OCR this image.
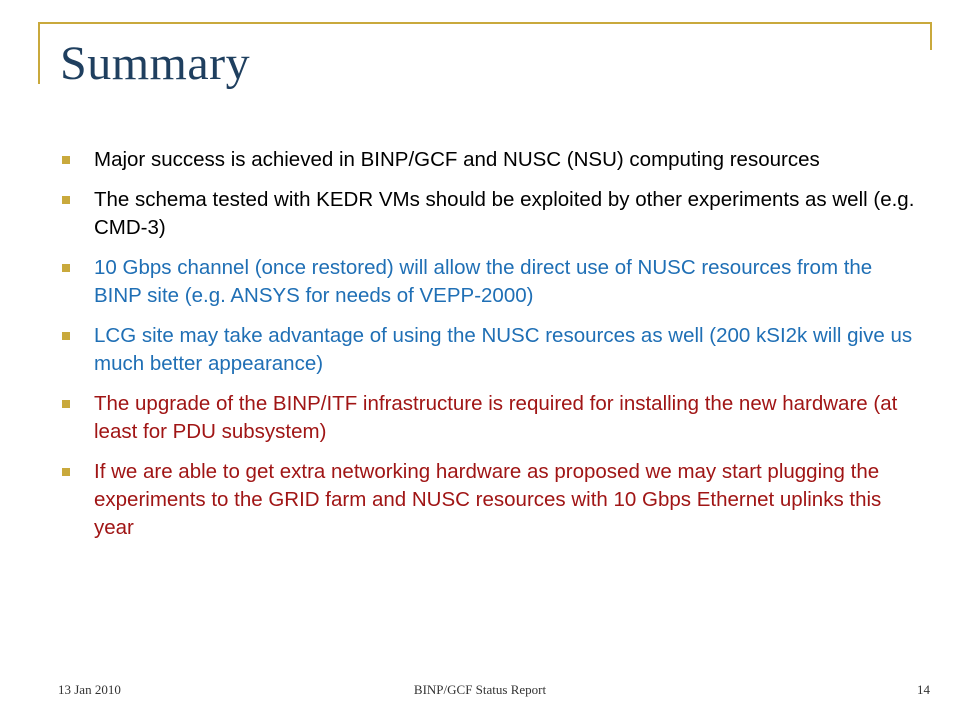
Summary
Major success is achieved in BINP/GCF and NUSC (NSU) computing resources
The schema tested with KEDR VMs should be exploited by other experiments as well (e.g. CMD-3)
10 Gbps channel (once restored) will allow the direct use of NUSC resources from the BINP site (e.g. ANSYS for needs of VEPP-2000)
LCG site may take advantage of using the NUSC resources as well (200 kSI2k will give us much better appearance)
The upgrade of the BINP/ITF infrastructure is required for installing the new hardware (at least for PDU subsystem)
If we are able to get extra networking hardware as proposed we may start plugging the experiments to the GRID farm and NUSC resources with 10 Gbps Ethernet uplinks this year
13 Jan 2010	BINP/GCF Status Report	14
